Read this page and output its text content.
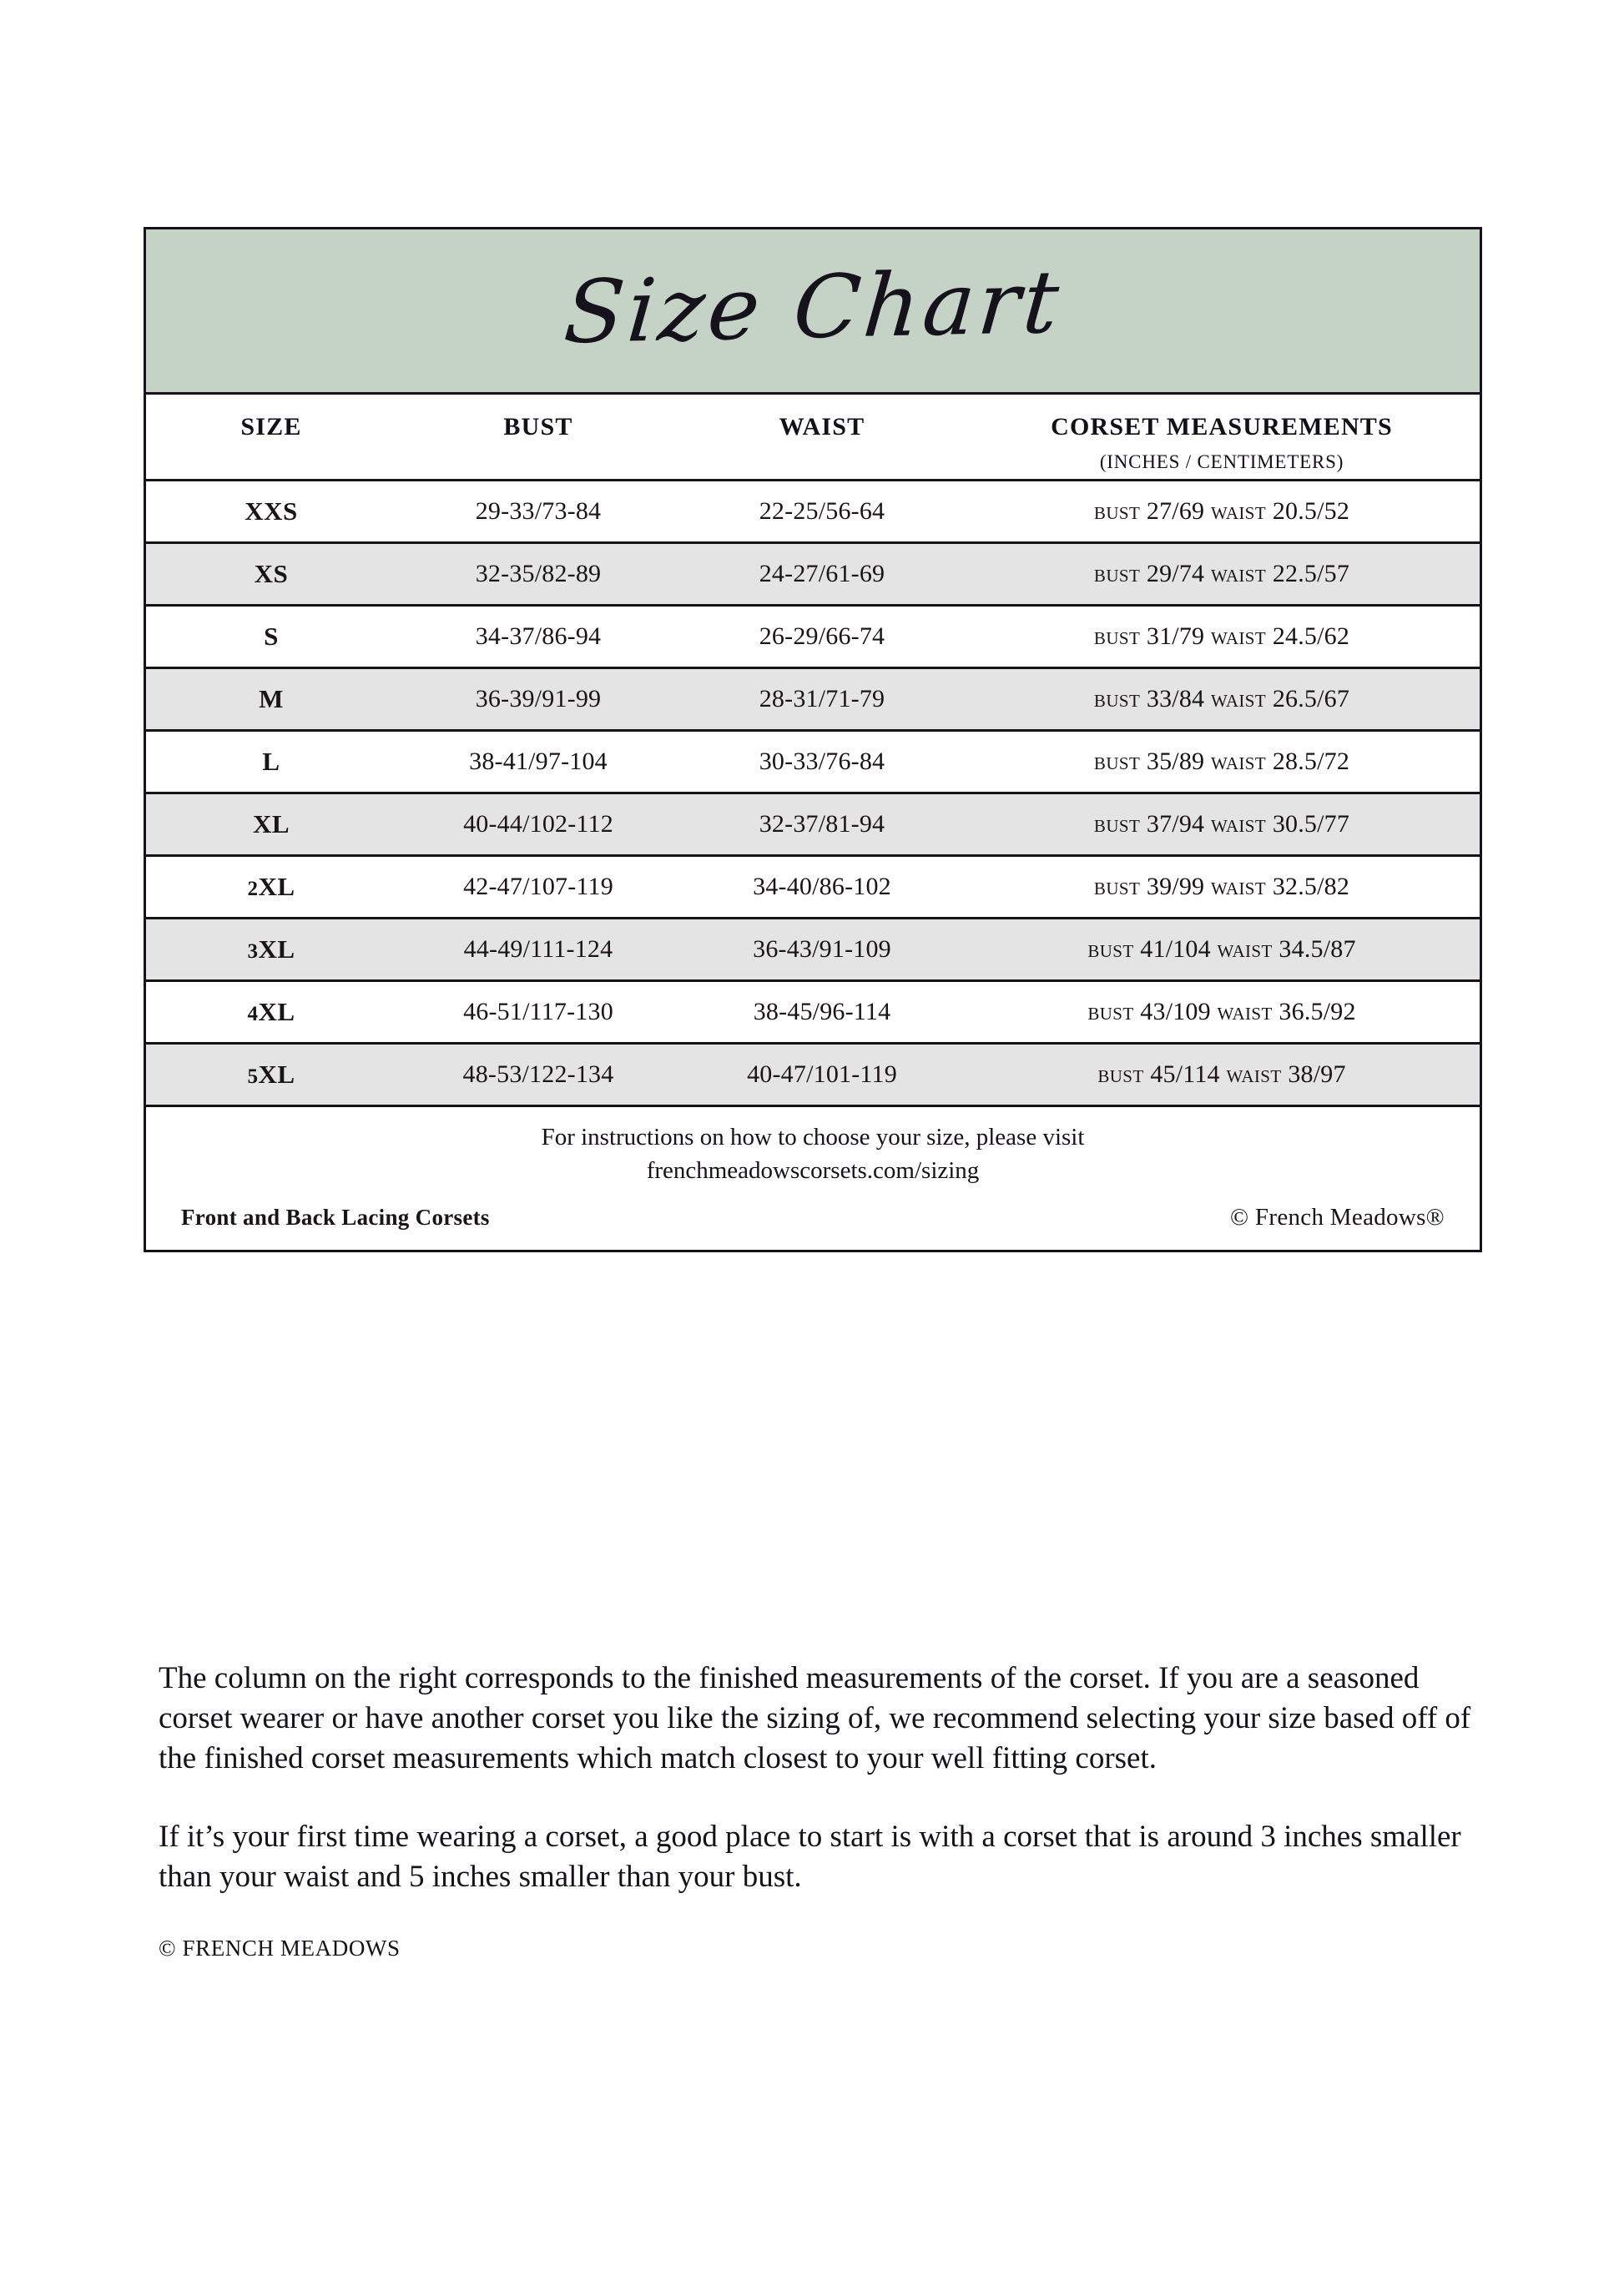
Size Chart
SIZE	BUST	WAIST	CORSET MEASUREMENTS
(INCHES / CENTIMETERS)
XXS	29-33/73-84	22-25/56-64	bust 27/69 waist 20.5/52
XS	32-35/82-89	24-27/61-69	bust 29/74 waist 22.5/57
S	34-37/86-94	26-29/66-74	bust 31/79 waist 24.5/62
M	36-39/91-99	28-31/71-79	bust 33/84 waist 26.5/67
L	38-41/97-104	30-33/76-84	bust 35/89 waist 28.5/72
XL	40-44/102-112	32-37/81-94	bust 37/94 waist 30.5/77
2XL	42-47/107-119	34-40/86-102	bust 39/99 waist 32.5/82
3XL	44-49/111-124	36-43/91-109	bust 41/104 waist 34.5/87
4XL	46-51/117-130	38-45/96-114	bust 43/109 waist 36.5/92
5XL	48-53/122-134	40-47/101-119	bust 45/114 waist 38/97
For instructions on how to choose your size, please visit
frenchmeadowscorsets.com/sizing
Front and Back Lacing Corsets	© French Meadows®

The column on the right corresponds to the finished measurements of the corset. If you are a seasoned corset wearer or have another corset you like the sizing of, we recommend selecting your size based off of the finished corset measurements which match closest to your well fitting corset.

If it’s your first time wearing a corset, a good place to start is with a corset that is around 3 inches smaller than your waist and 5 inches smaller than your bust.

© FRENCH MEADOWS
